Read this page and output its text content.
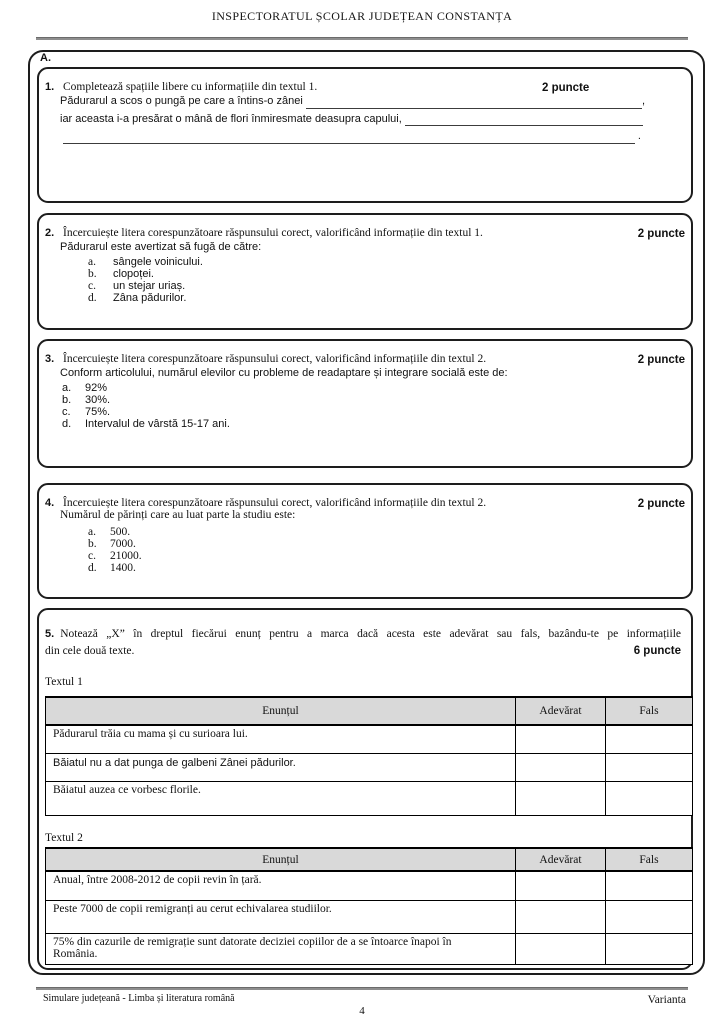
INSPECTORATUL ȘCOLAR JUDEȚEAN CONSTANȚA
A.
1. Completează spațiile libere cu informațiile din textul 1.	2 puncte
Pădurarul a scos o pungă pe care a întins-o zânei	,
iar aceasta i-a presărat o mână de flori înmiresmate deasupra capului,
.
2. Încercuiește litera corespunzătoare răspunsului corect, valorificând informațiie din textul 1.	2 puncte
Pădurarul este avertizat să fugă de către:
a.	sângele voinicului.
b.	clopoței.
c.	un stejar uriaș.
d.	Zâna pădurilor.
3. Încercuiește litera corespunzătoare răspunsului corect, valorificând informațiile din textul 2.	2 puncte
Conform articolului, numărul elevilor cu probleme de readaptare și integrare socială este de:
a.	92%
b.	30%.
c.	75%.
d.	Intervalul de vârstă 15-17 ani.
4. Încercuiește litera corespunzătoare răspunsului corect, valorificând informațiile din textul 2.	2 puncte
Numărul de părinți care au luat parte la studiu este:
a.	500.
b.	7000.
c.	21000.
d.	1400.
5. Notează „X” în dreptul fiecărui enunț pentru a marca dacă acesta este adevărat sau fals, bazându-te pe informațiile
din cele două texte.	6 puncte
Textul 1
Enunțul	Adevărat	Fals
Pădurarul trăia cu mama și cu surioara lui.		
Băiatul nu a dat punga de galbeni Zânei pădurilor.		
Băiatul auzea ce vorbesc florile.		
Textul 2
Enunțul	Adevărat	Fals
Anual, între 2008-2012 de copii revin în țară.		
Peste 7000 de copii remigranți au cerut echivalarea studiilor.		
75% din cazurile de remigrație sunt datorate deciziei copiilor de a se întoarce înapoi în România.		
Simulare județeană - Limba și literatura română	Varianta
4
